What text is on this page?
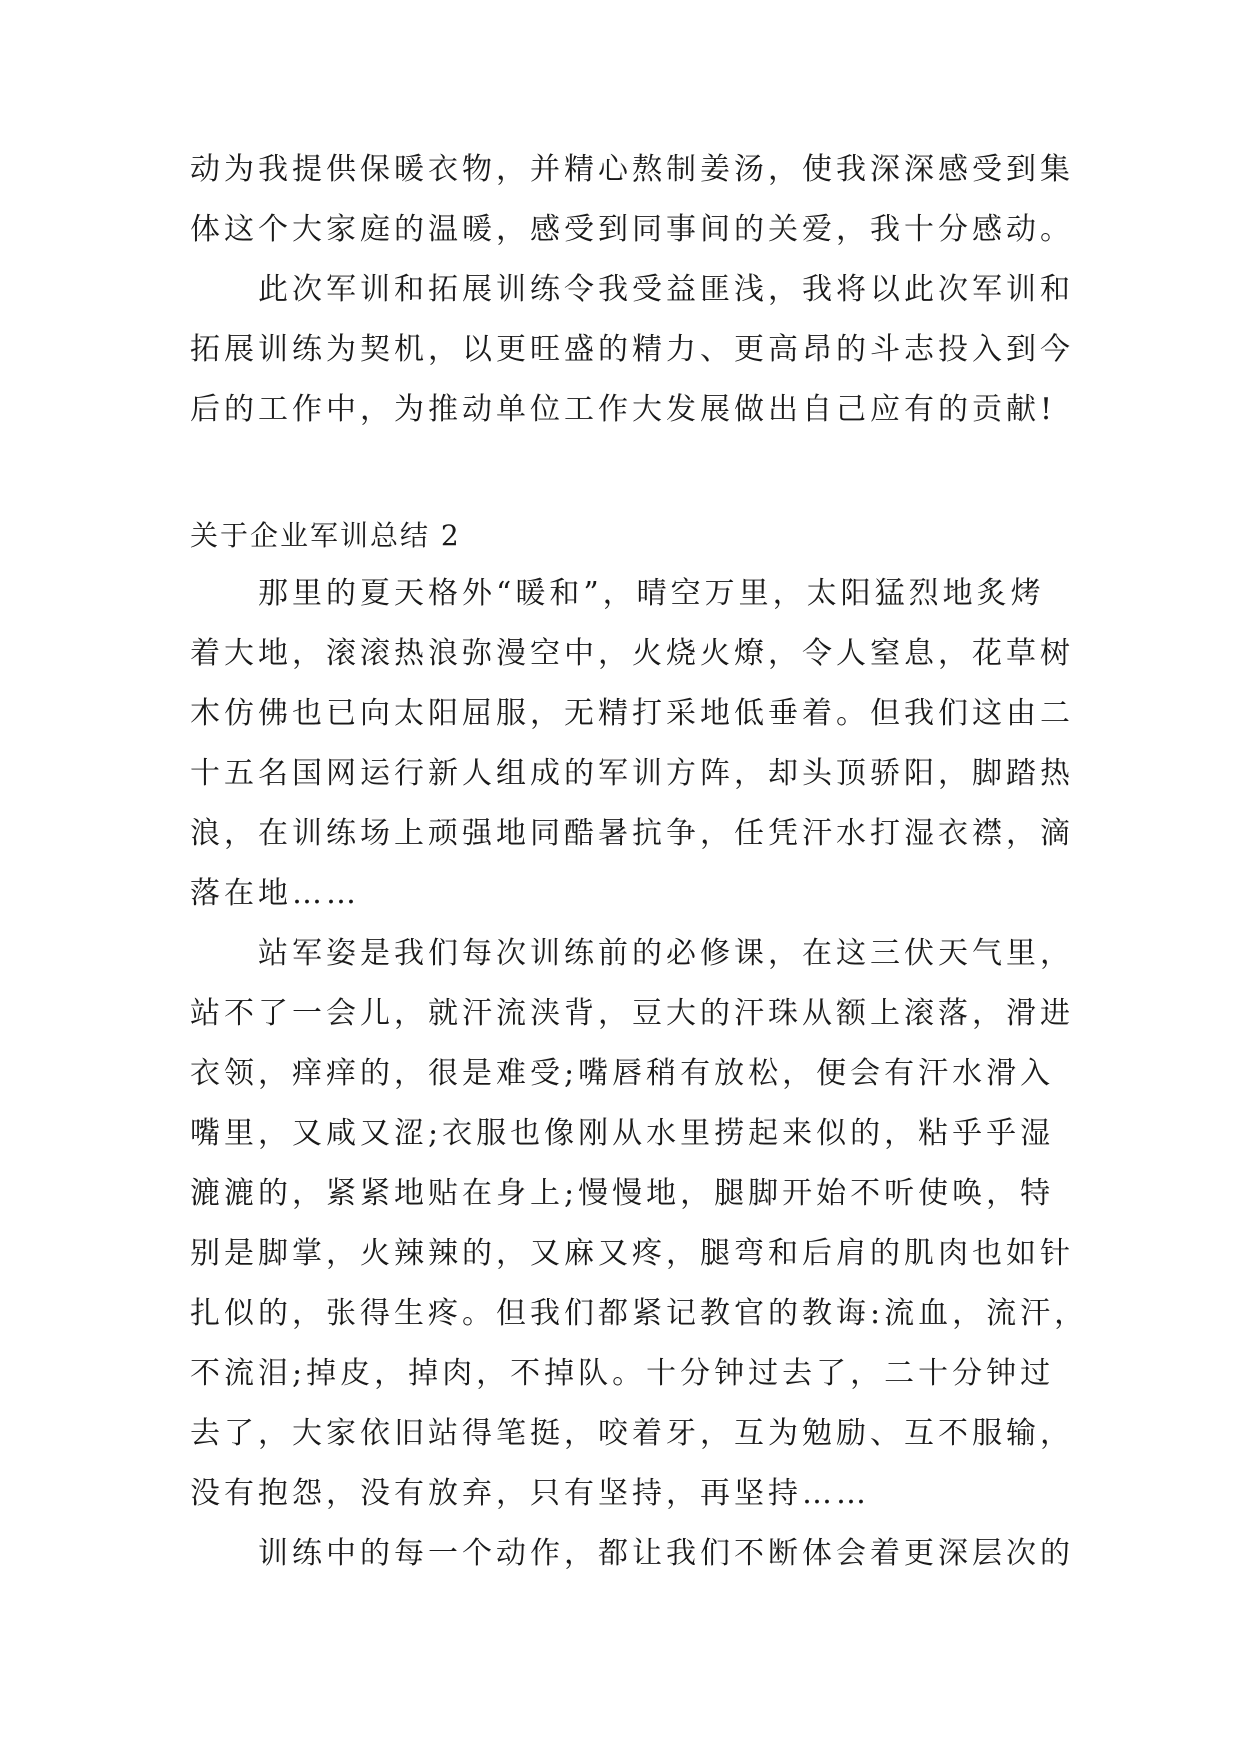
动为我提供保暖衣物，并精心熬制姜汤，使我深深感受到集
体这个大家庭的温暖，感受到同事间的关爱，我十分感动。
　　此次军训和拓展训练令我受益匪浅，我将以此次军训和
拓展训练为契机，以更旺盛的精力、更高昂的斗志投入到今
后的工作中，为推动单位工作大发展做出自己应有的贡献!
关于企业军训总结 2
　　那里的夏天格外“暖和”，晴空万里，太阳猛烈地炙烤
着大地，滚滚热浪弥漫空中，火烧火燎，令人窒息，花草树
木仿佛也已向太阳屈服，无精打采地低垂着。但我们这由二
十五名国网运行新人组成的军训方阵，却头顶骄阳，脚踏热
浪，在训练场上顽强地同酷暑抗争，任凭汗水打湿衣襟，滴
落在地……
　　站军姿是我们每次训练前的必修课，在这三伏天气里，
站不了一会儿，就汗流浃背，豆大的汗珠从额上滚落，滑进
衣领，痒痒的，很是难受;嘴唇稍有放松，便会有汗水滑入
嘴里，又咸又涩;衣服也像刚从水里捞起来似的，粘乎乎湿
漉漉的，紧紧地贴在身上;慢慢地，腿脚开始不听使唤，特
别是脚掌，火辣辣的，又麻又疼，腿弯和后肩的肌肉也如针
扎似的，张得生疼。但我们都紧记教官的教诲:流血，流汗，
不流泪;掉皮，掉肉，不掉队。十分钟过去了，二十分钟过
去了，大家依旧站得笔挺，咬着牙，互为勉励、互不服输，
没有抱怨，没有放弃，只有坚持，再坚持……
　　训练中的每一个动作，都让我们不断体会着更深层次的
